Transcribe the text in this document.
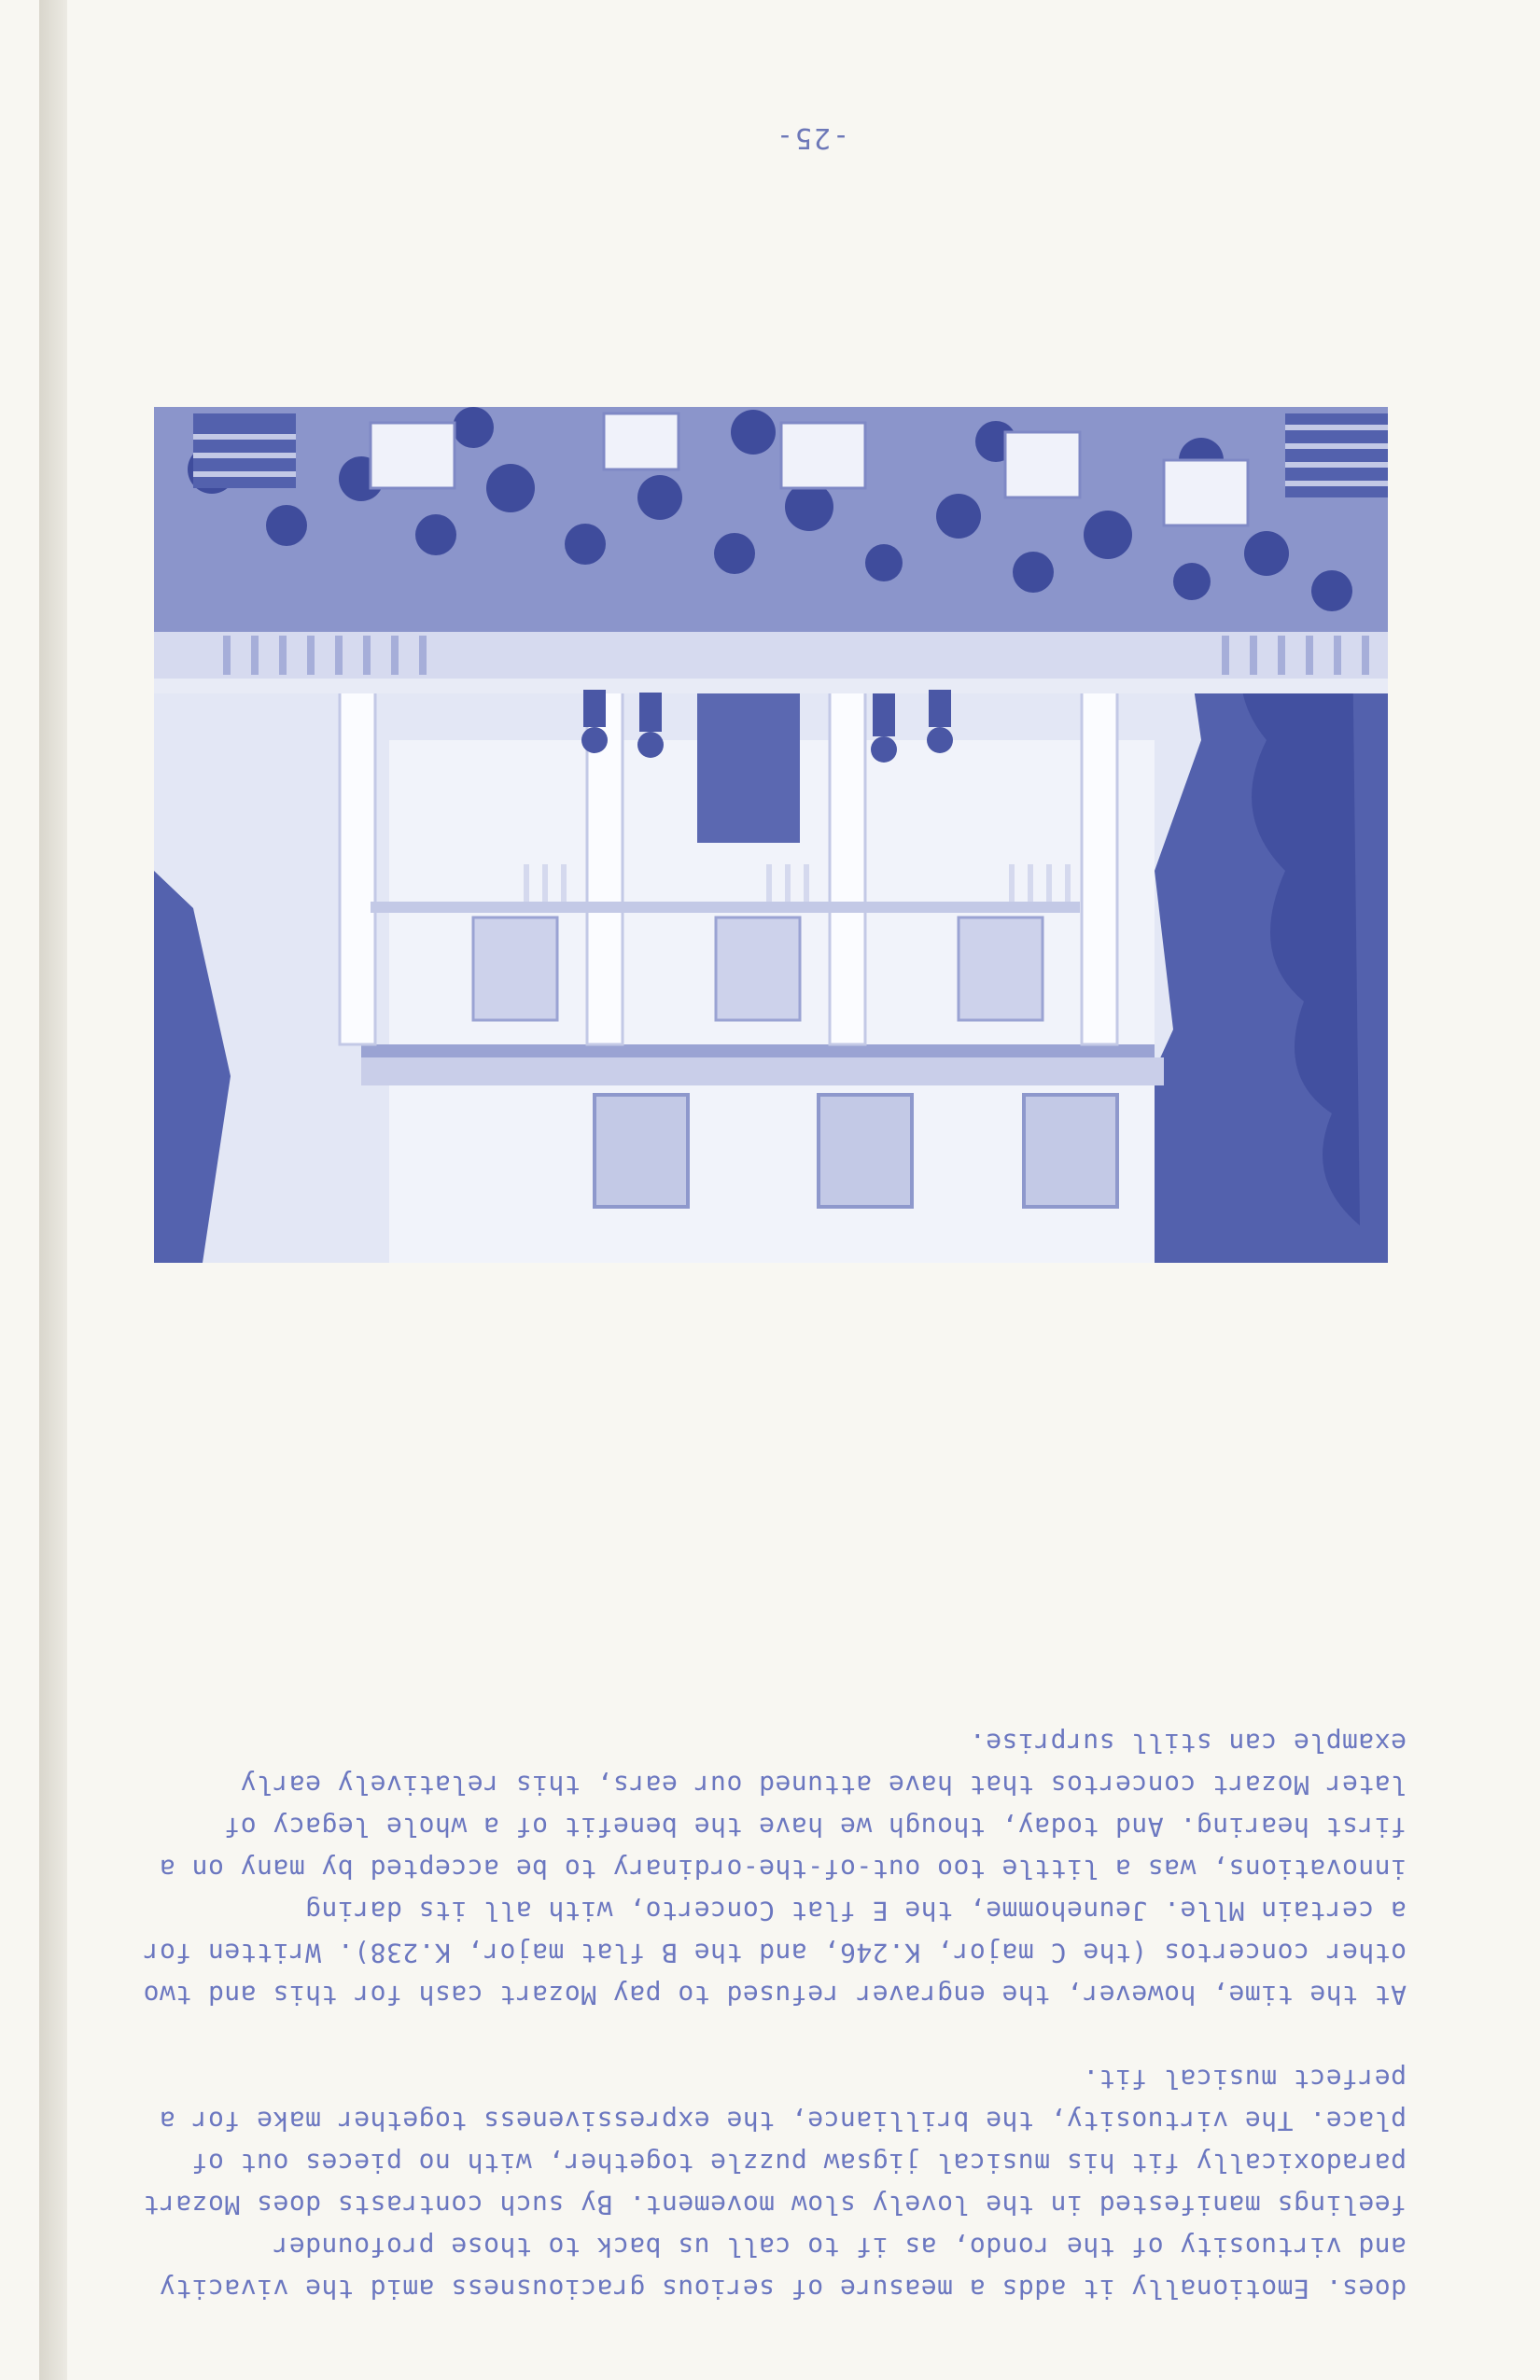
does. Emotionally it adds a measure of serious graciousness amid the vivacity and virtuosity of the rondo, as if to call us back to those profounder feelings manifested in the lovely slow movement. By such contrasts does Mozart paradoxically fit his musical jigsaw puzzle together, with no pieces out of place. The virtuosity, the brilliance, the expressiveness together make for a perfect musical fit.

At the time, however, the engraver refused to pay Mozart cash for this and two other concertos (the C major, K.246, and the B flat major, K.238). Written for a certain Mlle. Jeunehomme, the E flat Concerto, with all its daring innovations, was a little too out-of-the-ordinary to be accepted by many on a first hearing. And today, though we have the benefit of a whole legacy of later Mozart concertos that have attuned our ears, this relatively early example can still surprise.

-25-
